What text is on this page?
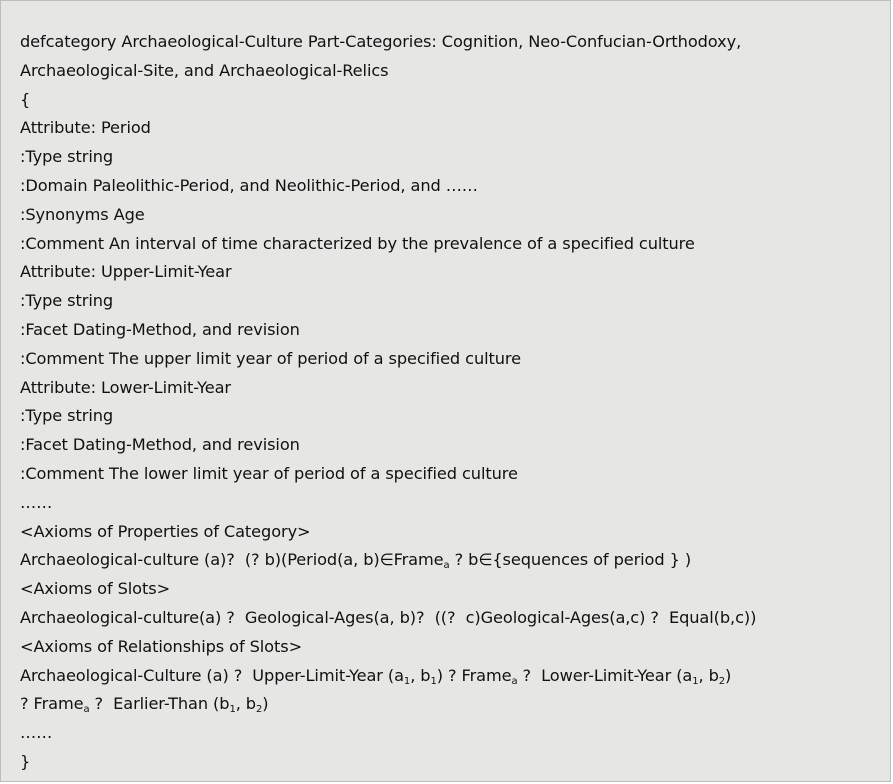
defcategory Archaeological-Culture Part-Categories: Cognition, Neo-Confucian-Orthodoxy,
Archaeological-Site, and Archaeological-Relics
{
Attribute: Period
:Type string
:Domain Paleolithic-Period, and Neolithic-Period, and ……
:Synonyms Age
:Comment An interval of time characterized by the prevalence of a specified culture
Attribute: Upper-Limit-Year
:Type string
:Facet Dating-Method, and revision
:Comment The upper limit year of period of a specified culture
Attribute: Lower-Limit-Year
:Type string
:Facet Dating-Method, and revision
:Comment The lower limit year of period of a specified culture
……
<Axioms of Properties of Category>
Archaeological-culture (a)?  (? b)(Period(a, b)∈Frame$_a$ ? b∈{sequences of period } )
<Axioms of Slots>
Archaeological-culture(a) ?  Geological-Ages(a, b)?  ((?  c)Geological-Ages(a,c) ?  Equal(b,c))
<Axioms of Relationships of Slots>
Archaeological-Culture (a) ?  Upper-Limit-Year ($a_1$, $b_1$) ? Frame$_a$ ?  Lower-Limit-Year ($a_1$, $b_2$)
? Frame$_a$ ?  Earlier-Than ($b_1$, $b_2$)
……
}
